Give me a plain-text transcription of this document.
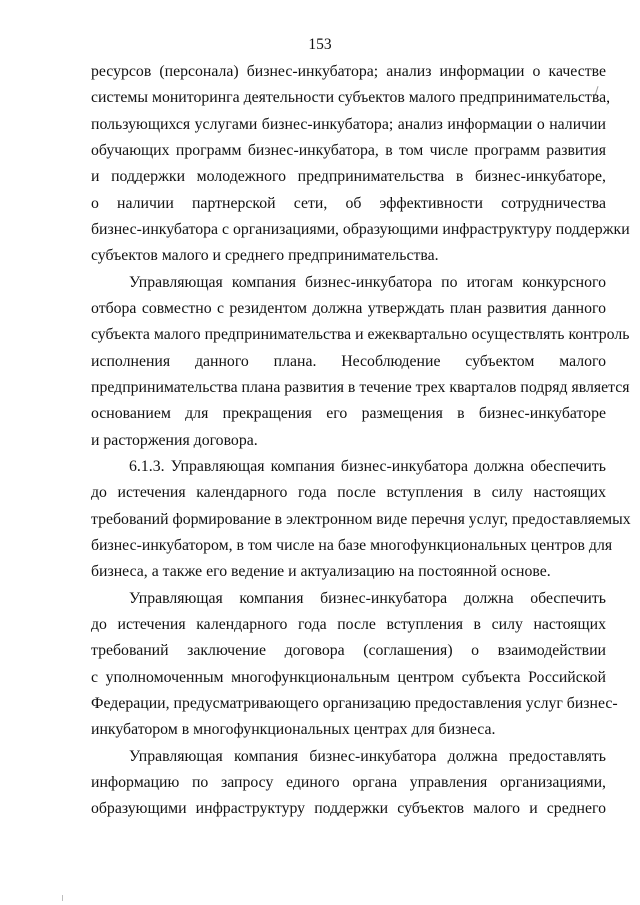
153
ресурсов (персонала) бизнес-инкубатора; анализ информации о качестве
системы мониторинга деятельности субъектов малого предпринимательства,
пользующихся услугами бизнес-инкубатора; анализ информации о наличии
обучающих программ бизнес-инкубатора, в том числе программ развития
и поддержки молодежного предпринимательства в бизнес-инкубаторе,
о наличии партнерской сети, об эффективности сотрудничества
бизнес-инкубатора с организациями, образующими инфраструктуру поддержки
субъектов малого и среднего предпринимательства.
Управляющая компания бизнес-инкубатора по итогам конкурсного
отбора совместно с резидентом должна утверждать план развития данного
субъекта малого предпринимательства и ежеквартально осуществлять контроль
исполнения данного плана. Несоблюдение субъектом малого
предпринимательства плана развития в течение трех кварталов подряд является
основанием для прекращения его размещения в бизнес-инкубаторе
и расторжения договора.
6.1.3. Управляющая компания бизнес-инкубатора должна обеспечить
до истечения календарного года после вступления в силу настоящих
требований формирование в электронном виде перечня услуг, предоставляемых
бизнес-инкубатором, в том числе на базе многофункциональных центров для
бизнеса, а также его ведение и актуализацию на постоянной основе.
Управляющая компания бизнес-инкубатора должна обеспечить
до истечения календарного года после вступления в силу настоящих
требований заключение договора (соглашения) о взаимодействии
с уполномоченным многофункциональным центром субъекта Российской
Федерации, предусматривающего организацию предоставления услуг бизнес-
инкубатором в многофункциональных центрах для бизнеса.
Управляющая компания бизнес-инкубатора должна предоставлять
информацию по запросу единого органа управления организациями,
образующими инфраструктуру поддержки субъектов малого и среднего
